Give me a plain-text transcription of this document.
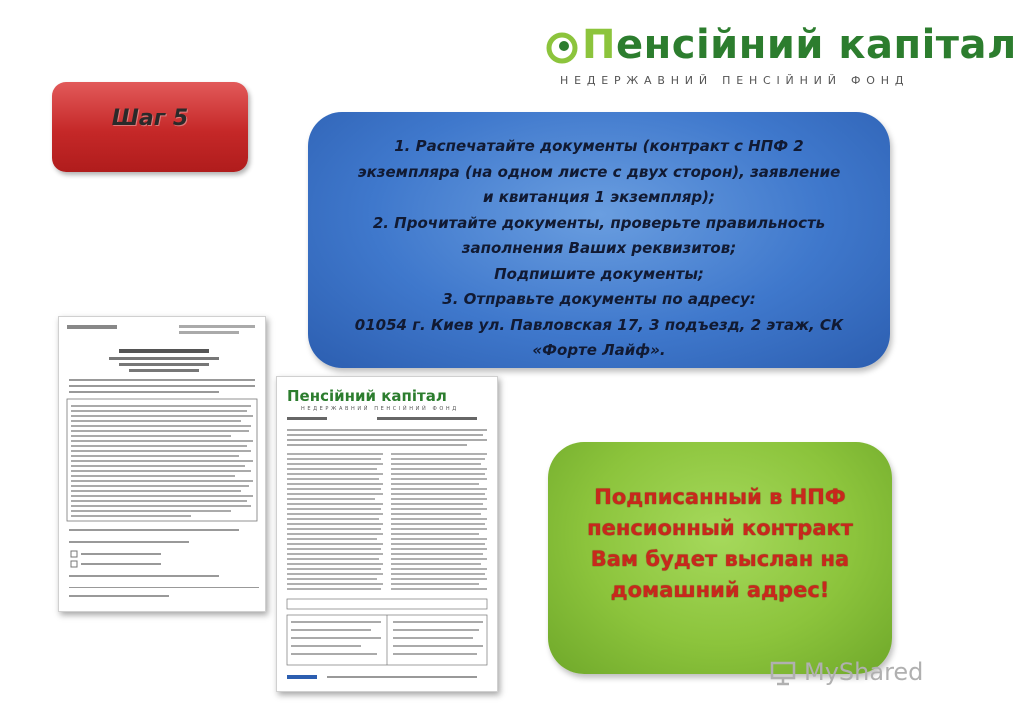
Пенсійний капітал
НЕДЕРЖАВНИЙ ПЕНСІЙНИЙ ФОНД
Шаг 5
1. Распечатайте документы (контракт с НПФ 2
экземпляра (на одном листе с двух сторон), заявление
и квитанция 1 экземпляр);
2. Прочитайте документы, проверьте правильность
заполнения Ваших реквизитов;
Подпишите документы;
3. Отправьте документы по адресу:
01054 г. Киев ул. Павловская 17, 3 подъезд, 2 этаж, СК
«Форте Лайф».
Пенсійний капітал
НЕДЕРЖАВНИЙ ПЕНСІЙНИЙ ФОНД
Подписанный в НПФ
пенсионный контракт
Вам будет выслан на
домашний адрес!
MyShared
